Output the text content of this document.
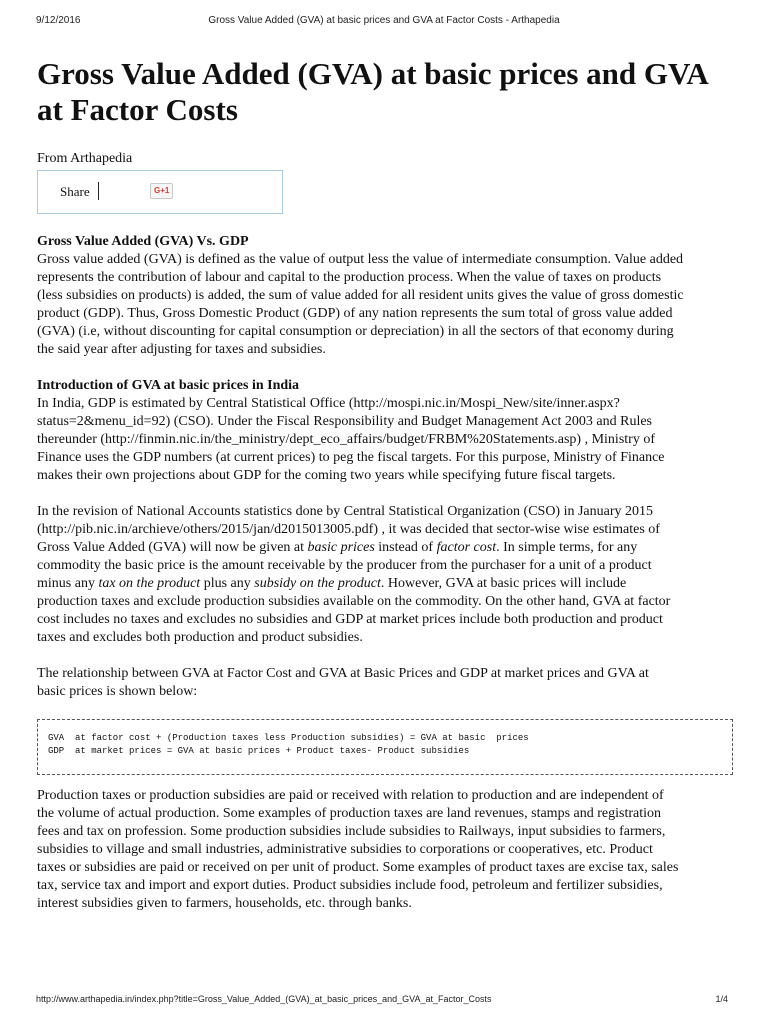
9/12/2016	Gross Value Added (GVA) at basic prices and GVA at Factor Costs - Arthapedia
Gross Value Added (GVA) at basic prices and GVA at Factor Costs
From Arthapedia
Share	G+1
Gross Value Added (GVA) Vs. GDP

Gross value added (GVA) is defined as the value of output less the value of intermediate consumption. Value added
represents the contribution of labour and capital to the production process. When the value of taxes on products
(less subsidies on products) is added, the sum of value added for all resident units gives the value of gross domestic
product (GDP). Thus, Gross Domestic Product (GDP) of any nation represents the sum total of gross value added
(GVA) (i.e, without discounting for capital consumption or depreciation) in all the sectors of that economy during
the said year after adjusting for taxes and subsidies.

Introduction of GVA at basic prices in India

In India, GDP is estimated by Central Statistical Office (http://mospi.nic.in/Mospi_New/site/inner.aspx?
status=2&menu_id=92) (CSO). Under the Fiscal Responsibility and Budget Management Act 2003 and Rules
thereunder (http://finmin.nic.in/the_ministry/dept_eco_affairs/budget/FRBM%20Statements.asp) , Ministry of
Finance uses the GDP numbers (at current prices) to peg the fiscal targets. For this purpose, Ministry of Finance
makes their own projections about GDP for the coming two years while specifying future fiscal targets.

In the revision of National Accounts statistics done by Central Statistical Organization (CSO) in January 2015
(http://pib.nic.in/archieve/others/2015/jan/d2015013005.pdf) , it was decided that sector-wise wise estimates of
Gross Value Added (GVA) will now be given at basic prices instead of factor cost. In simple terms, for any
commodity the basic price is the amount receivable by the producer from the purchaser for a unit of a product
minus any tax on the product plus any subsidy on the product. However, GVA at basic prices will include
production taxes and exclude production subsidies available on the commodity. On the other hand, GVA at factor
cost includes no taxes and excludes no subsidies and GDP at market prices include both production and product
taxes and excludes both production and product subsidies.

The relationship between GVA at Factor Cost and GVA at Basic Prices and GDP at market prices and GVA at
basic prices is shown below:

GVA  at factor cost + (Production taxes less Production subsidies) = GVA at basic  prices
GDP  at market prices = GVA at basic prices + Product taxes- Product subsidies

Production taxes or production subsidies are paid or received with relation to production and are independent of
the volume of actual production. Some examples of production taxes are land revenues, stamps and registration
fees and tax on profession. Some production subsidies include subsidies to Railways, input subsidies to farmers,
subsidies to village and small industries, administrative subsidies to corporations or cooperatives, etc. Product
taxes or subsidies are paid or received on per unit of product. Some examples of product taxes are excise tax, sales
tax, service tax and import and export duties. Product subsidies include food, petroleum and fertilizer subsidies,
interest subsidies given to farmers, households, etc. through banks.

http://www.arthapedia.in/index.php?title=Gross_Value_Added_(GVA)_at_basic_prices_and_GVA_at_Factor_Costs	1/4
